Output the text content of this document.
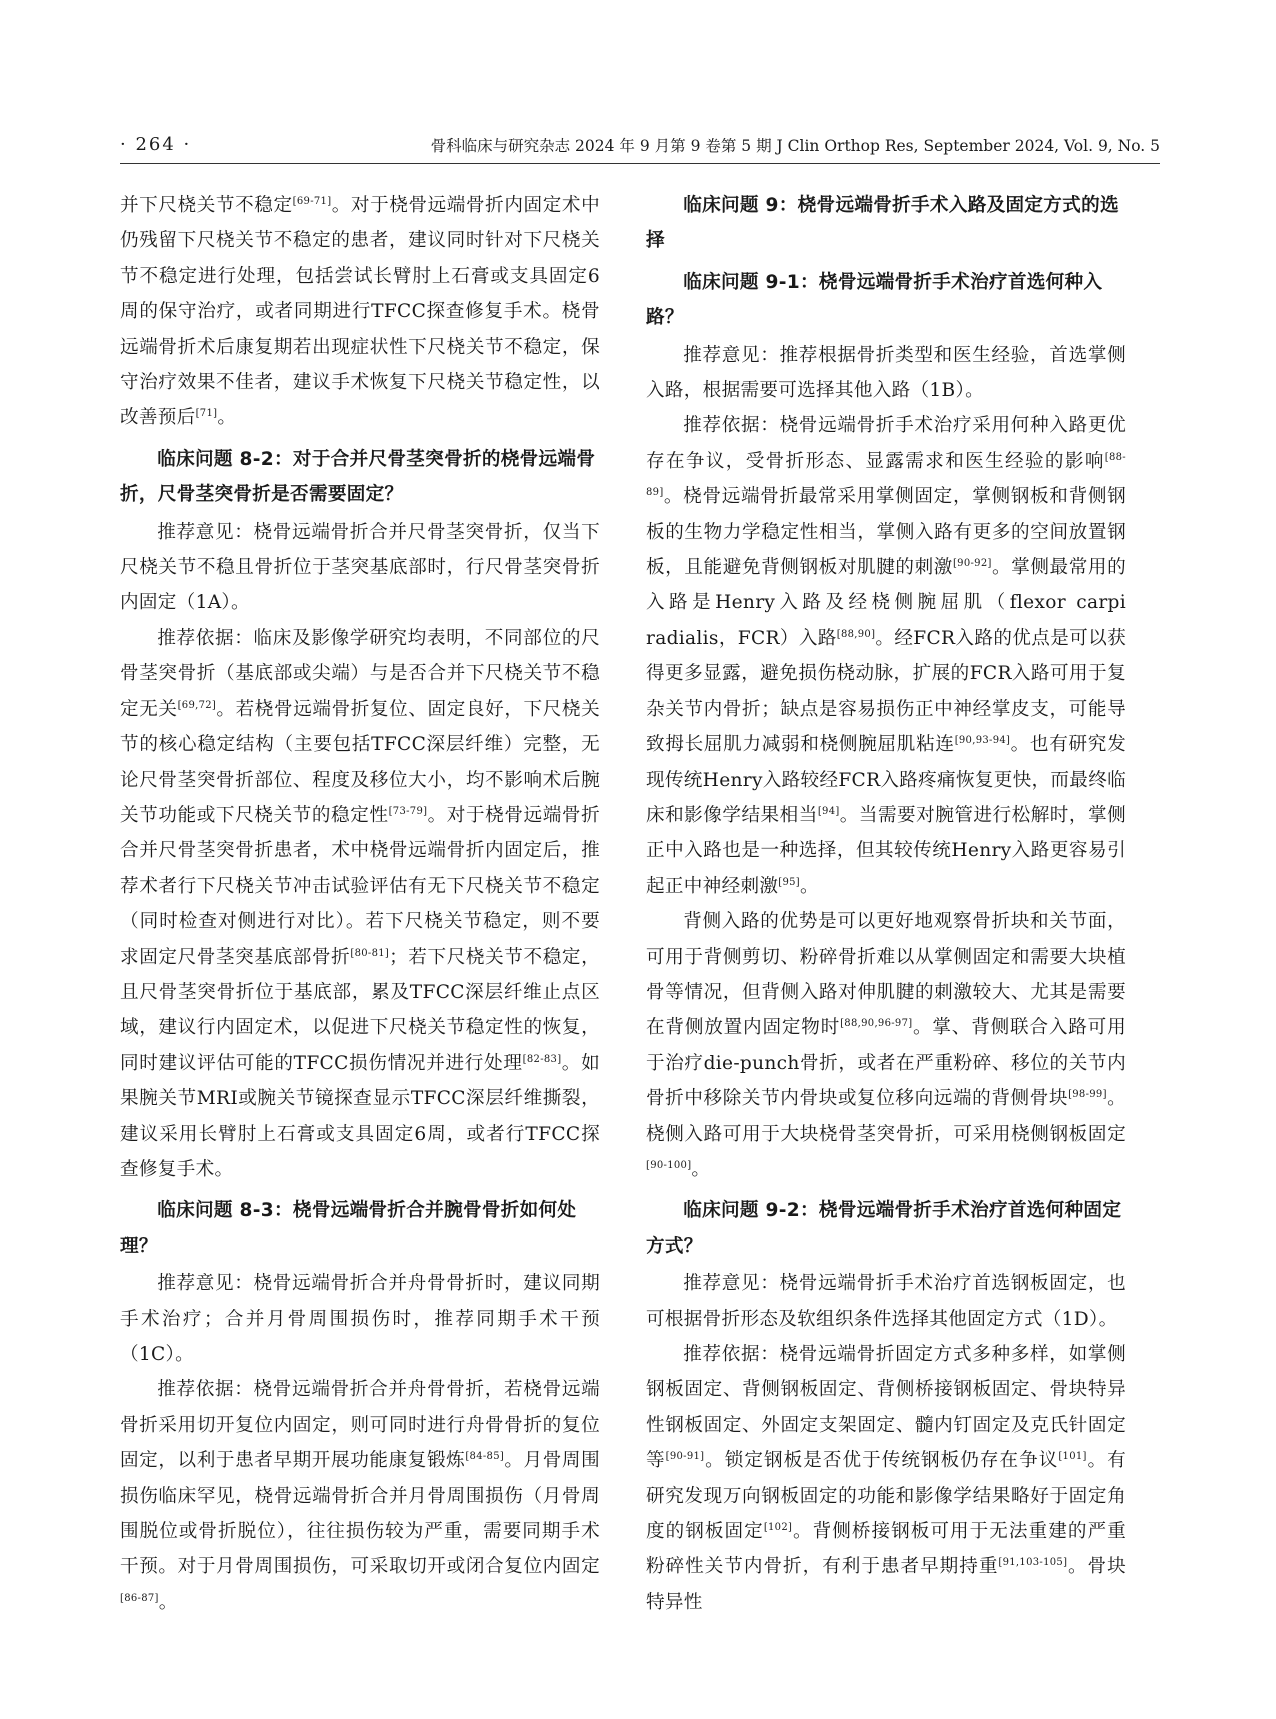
· 264 ·	骨科临床与研究杂志 2024 年 9 月第 9 卷第 5 期 J Clin Orthop Res, September 2024, Vol. 9, No. 5

并下尺桡关节不稳定[69-71]。对于桡骨远端骨折内固定术中仍残留下尺桡关节不稳定的患者，建议同时针对下尺桡关节不稳定进行处理，包括尝试长臂肘上石膏或支具固定6周的保守治疗，或者同期进行TFCC探查修复手术。桡骨远端骨折术后康复期若出现症状性下尺桡关节不稳定，保守治疗效果不佳者，建议手术恢复下尺桡关节稳定性，以改善预后[71]。

临床问题 8-2：对于合并尺骨茎突骨折的桡骨远端骨折，尺骨茎突骨折是否需要固定？

推荐意见：桡骨远端骨折合并尺骨茎突骨折，仅当下尺桡关节不稳且骨折位于茎突基底部时，行尺骨茎突骨折内固定（1A）。

推荐依据：临床及影像学研究均表明，不同部位的尺骨茎突骨折（基底部或尖端）与是否合并下尺桡关节不稳定无关[69,72]。若桡骨远端骨折复位、固定良好，下尺桡关节的核心稳定结构（主要包括TFCC深层纤维）完整，无论尺骨茎突骨折部位、程度及移位大小，均不影响术后腕关节功能或下尺桡关节的稳定性[73-79]。对于桡骨远端骨折合并尺骨茎突骨折患者，术中桡骨远端骨折内固定后，推荐术者行下尺桡关节冲击试验评估有无下尺桡关节不稳定（同时检查对侧进行对比）。若下尺桡关节稳定，则不要求固定尺骨茎突基底部骨折[80-81]；若下尺桡关节不稳定，且尺骨茎突骨折位于基底部，累及TFCC深层纤维止点区域，建议行内固定术，以促进下尺桡关节稳定性的恢复，同时建议评估可能的TFCC损伤情况并进行处理[82-83]。如果腕关节MRI或腕关节镜探查显示TFCC深层纤维撕裂，建议采用长臂肘上石膏或支具固定6周，或者行TFCC探查修复手术。

临床问题 8-3：桡骨远端骨折合并腕骨骨折如何处理？

推荐意见：桡骨远端骨折合并舟骨骨折时，建议同期手术治疗；合并月骨周围损伤时，推荐同期手术干预（1C）。

推荐依据：桡骨远端骨折合并舟骨骨折，若桡骨远端骨折采用切开复位内固定，则可同时进行舟骨骨折的复位固定，以利于患者早期开展功能康复锻炼[84-85]。月骨周围损伤临床罕见，桡骨远端骨折合并月骨周围损伤（月骨周围脱位或骨折脱位），往往损伤较为严重，需要同期手术干预。对于月骨周围损伤，可采取切开或闭合复位内固定[86-87]。

临床问题 9：桡骨远端骨折手术入路及固定方式的选择
临床问题 9-1：桡骨远端骨折手术治疗首选何种入路？

推荐意见：推荐根据骨折类型和医生经验，首选掌侧入路，根据需要可选择其他入路（1B）。

推荐依据：桡骨远端骨折手术治疗采用何种入路更优存在争议，受骨折形态、显露需求和医生经验的影响[88-89]。桡骨远端骨折最常采用掌侧固定，掌侧钢板和背侧钢板的生物力学稳定性相当，掌侧入路有更多的空间放置钢板，且能避免背侧钢板对肌腱的刺激[90-92]。掌侧最常用的入路是Henry入路及经桡侧腕屈肌（flexor carpi radialis，FCR）入路[88,90]。经FCR入路的优点是可以获得更多显露，避免损伤桡动脉，扩展的FCR入路可用于复杂关节内骨折；缺点是容易损伤正中神经掌皮支，可能导致拇长屈肌力减弱和桡侧腕屈肌粘连[90,93-94]。也有研究发现传统Henry入路较经FCR入路疼痛恢复更快，而最终临床和影像学结果相当[94]。当需要对腕管进行松解时，掌侧正中入路也是一种选择，但其较传统Henry入路更容易引起正中神经刺激[95]。

背侧入路的优势是可以更好地观察骨折块和关节面，可用于背侧剪切、粉碎骨折难以从掌侧固定和需要大块植骨等情况，但背侧入路对伸肌腱的刺激较大、尤其是需要在背侧放置内固定物时[88,90,96-97]。掌、背侧联合入路可用于治疗die-punch骨折，或者在严重粉碎、移位的关节内骨折中移除关节内骨块或复位移向远端的背侧骨块[98-99]。桡侧入路可用于大块桡骨茎突骨折，可采用桡侧钢板固定[90-100]。

临床问题 9-2：桡骨远端骨折手术治疗首选何种固定方式？

推荐意见：桡骨远端骨折手术治疗首选钢板固定，也可根据骨折形态及软组织条件选择其他固定方式（1D）。

推荐依据：桡骨远端骨折固定方式多种多样，如掌侧钢板固定、背侧钢板固定、背侧桥接钢板固定、骨块特异性钢板固定、外固定支架固定、髓内钉固定及克氏针固定等[90-91]。锁定钢板是否优于传统钢板仍存在争议[101]。有研究发现万向钢板固定的功能和影像学结果略好于固定角度的钢板固定[102]。背侧桥接钢板可用于无法重建的严重粉碎性关节内骨折，有利于患者早期持重[91,103-105]。骨块特异性
